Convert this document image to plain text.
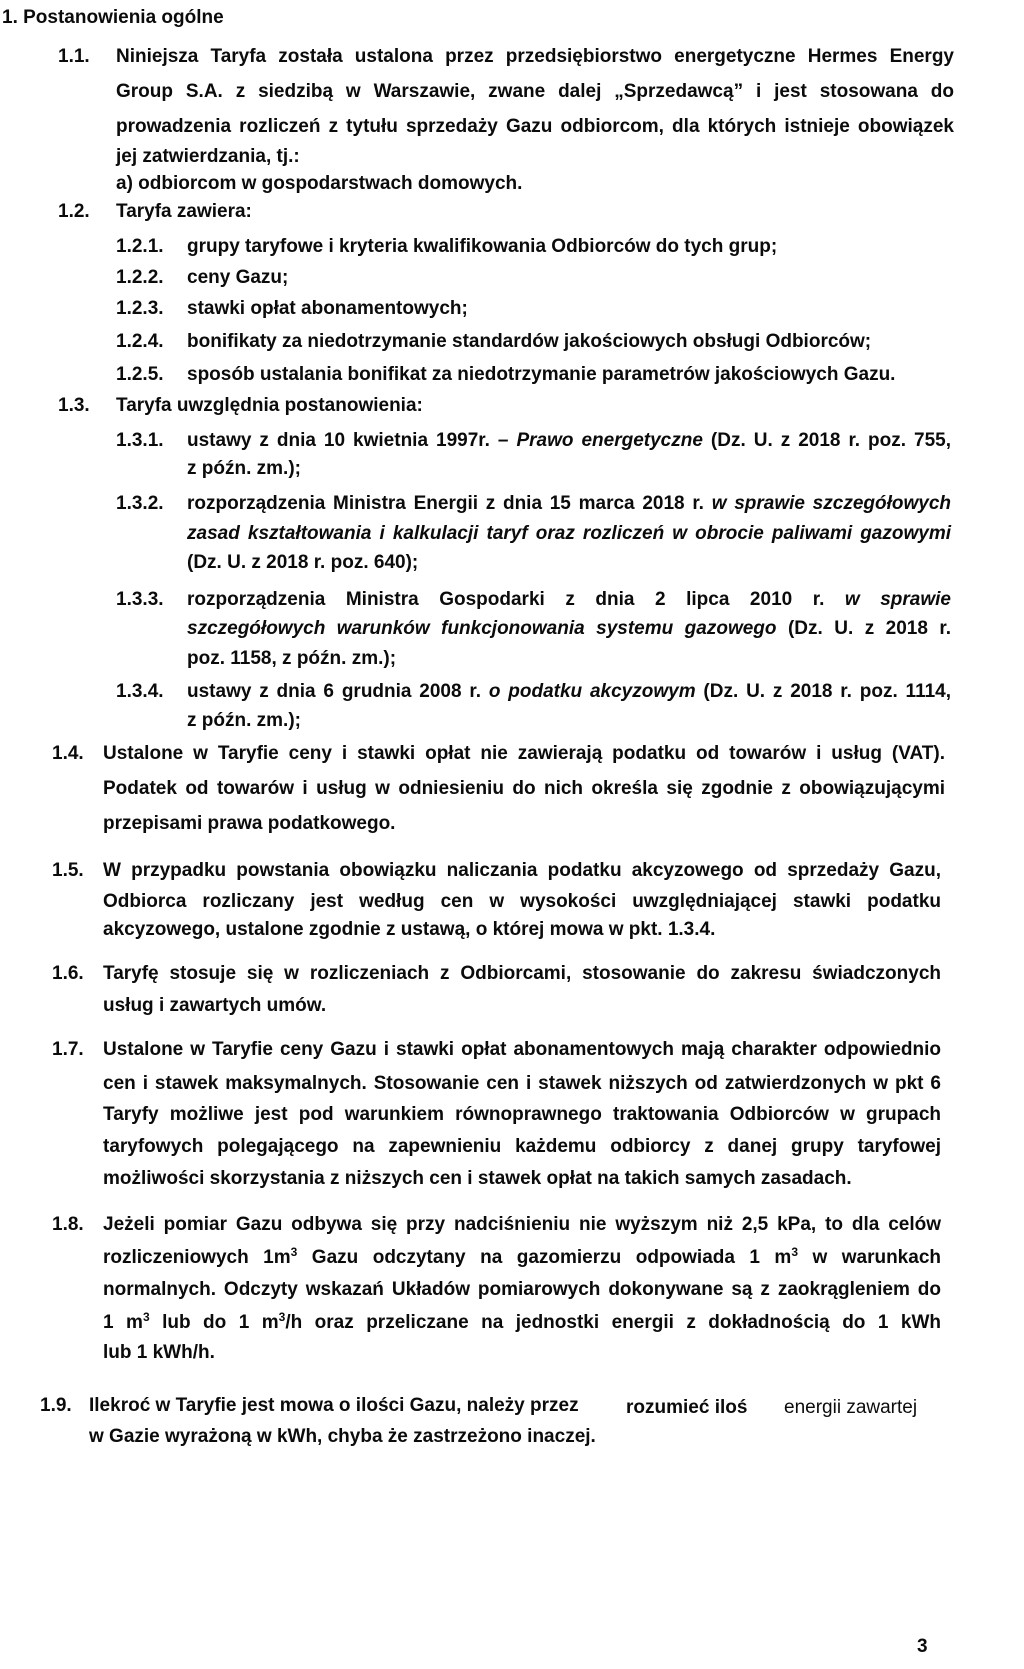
1. Postanowienia ogólne
1.1. Niniejsza Taryfa została ustalona przez przedsiębiorstwo energetyczne Hermes Energy
Group S.A. z siedzibą w Warszawie, zwane dalej „Sprzedawcą” i jest stosowana do
prowadzenia rozliczeń z tytułu sprzedaży Gazu odbiorcom, dla których istnieje obowiązek
jej zatwierdzania, tj.:
a) odbiorcom w gospodarstwach domowych.
1.2. Taryfa zawiera:
1.2.1. grupy taryfowe i kryteria kwalifikowania Odbiorców do tych grup;
1.2.2. ceny Gazu;
1.2.3. stawki opłat abonamentowych;
1.2.4. bonifikaty za niedotrzymanie standardów jakościowych obsługi Odbiorców;
1.2.5. sposób ustalania bonifikat za niedotrzymanie parametrów jakościowych Gazu.
1.3. Taryfa uwzględnia postanowienia:
1.3.1. ustawy z dnia 10 kwietnia 1997r. – Prawo energetyczne (Dz. U. z 2018 r. poz. 755,
z późn. zm.);
1.3.2. rozporządzenia Ministra Energii z dnia 15 marca 2018 r. w sprawie szczegółowych
zasad kształtowania i kalkulacji taryf oraz rozliczeń w obrocie paliwami gazowymi
(Dz. U. z 2018 r. poz. 640);
1.3.3. rozporządzenia Ministra Gospodarki z dnia 2 lipca 2010 r. w sprawie
szczegółowych warunków funkcjonowania systemu gazowego (Dz. U. z 2018 r.
poz. 1158, z późn. zm.);
1.3.4. ustawy z dnia 6 grudnia 2008 r. o podatku akcyzowym (Dz. U. z 2018 r. poz. 1114,
z późn. zm.);
1.4. Ustalone w Taryfie ceny i stawki opłat nie zawierają podatku od towarów i usług (VAT).
Podatek od towarów i usług w odniesieniu do nich określa się zgodnie z obowiązującymi
przepisami prawa podatkowego.
1.5. W przypadku powstania obowiązku naliczania podatku akcyzowego od sprzedaży Gazu,
Odbiorca rozliczany jest według cen w wysokości uwzględniającej stawki podatku
akcyzowego, ustalone zgodnie z ustawą, o której mowa w pkt. 1.3.4.
1.6. Taryfę stosuje się w rozliczeniach z Odbiorcami, stosowanie do zakresu świadczonych
usług i zawartych umów.
1.7. Ustalone w Taryfie ceny Gazu i stawki opłat abonamentowych mają charakter odpowiednio
cen i stawek maksymalnych. Stosowanie cen i stawek niższych od zatwierdzonych w pkt 6
Taryfy możliwe jest pod warunkiem równoprawnego traktowania Odbiorców w grupach
taryfowych polegającego na zapewnieniu każdemu odbiorcy z danej grupy taryfowej
możliwości skorzystania z niższych cen i stawek opłat na takich samych zasadach.
1.8. Jeżeli pomiar Gazu odbywa się przy nadciśnieniu nie wyższym niż 2,5 kPa, to dla celów
rozliczeniowych $1m^3$ Gazu odczytany na gazomierzu odpowiada 1 $m^3$ w warunkach
normalnych. Odczyty wskazań Układów pomiarowych dokonywane są z zaokrągleniem do
1 $m^3$ lub do 1 $m^3/h$ oraz przeliczane na jednostki energii z dokładnością do 1 kWh
lub 1 kWh/h.
1.9. Ilekroć w Taryfie jest mowa o ilości Gazu, należy przez rozumieć iloś energii zawartej
w Gazie wyrażoną w kWh, chyba że zastrzeżono inaczej.
3
